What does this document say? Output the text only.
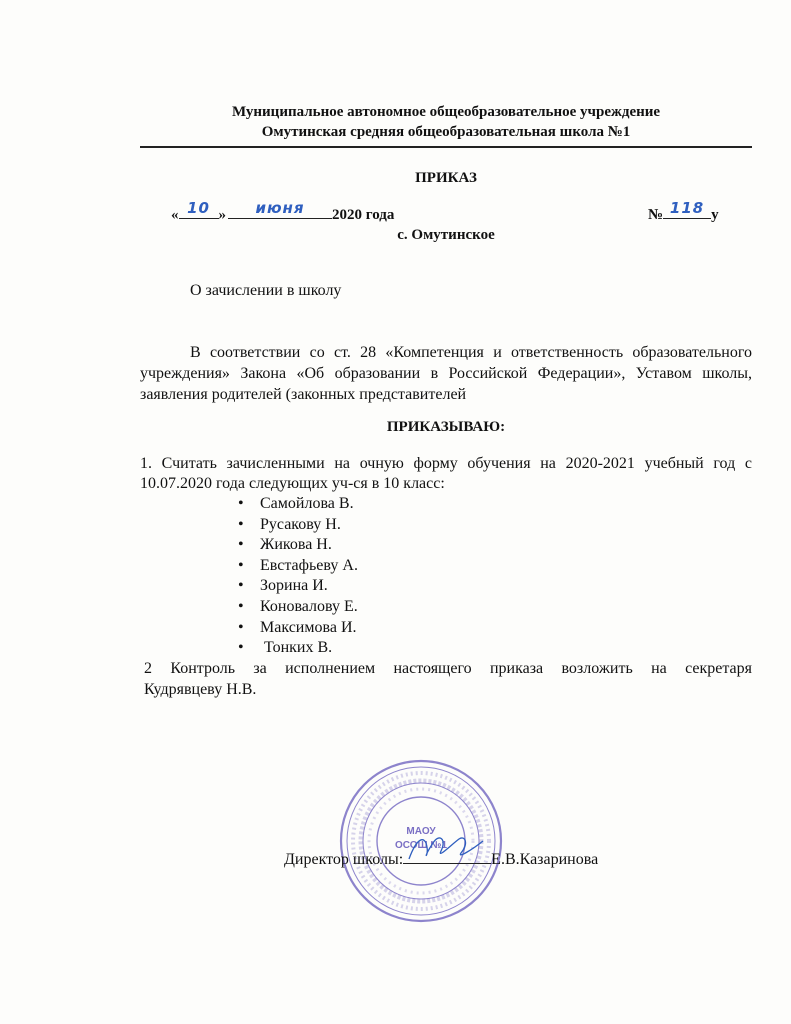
Муниципальное автономное общеобразовательное учреждение
Омутинская средняя общеобразовательная школа №1
ПРИКАЗ
« 10 »	июня	2020 года	№ 118 у
с. Омутинское
О зачислении в школу
В соответствии со ст. 28 «Компетенция и ответственность образовательного учреждения» Закона «Об образовании в Российской Федерации», Уставом школы, заявления родителей (законных представителей
ПРИКАЗЫВАЮ:
1. Считать зачисленными на очную форму обучения на 2020-2021 учебный год с 10.07.2020 года следующих уч-ся в 10 класс:
• Самойлова В.
• Русакову Н.
• Жикова Н.
• Евстафьеву А.
• Зорина И.
• Коновалову Е.
• Максимова И.
• Тонких В.
2 Контроль за исполнением настоящего приказа возложить на секретаря
Кудрявцеву Н.В.
МАОУ
ОСОШ №1
Директор школы:	Е.В.Казаринова
